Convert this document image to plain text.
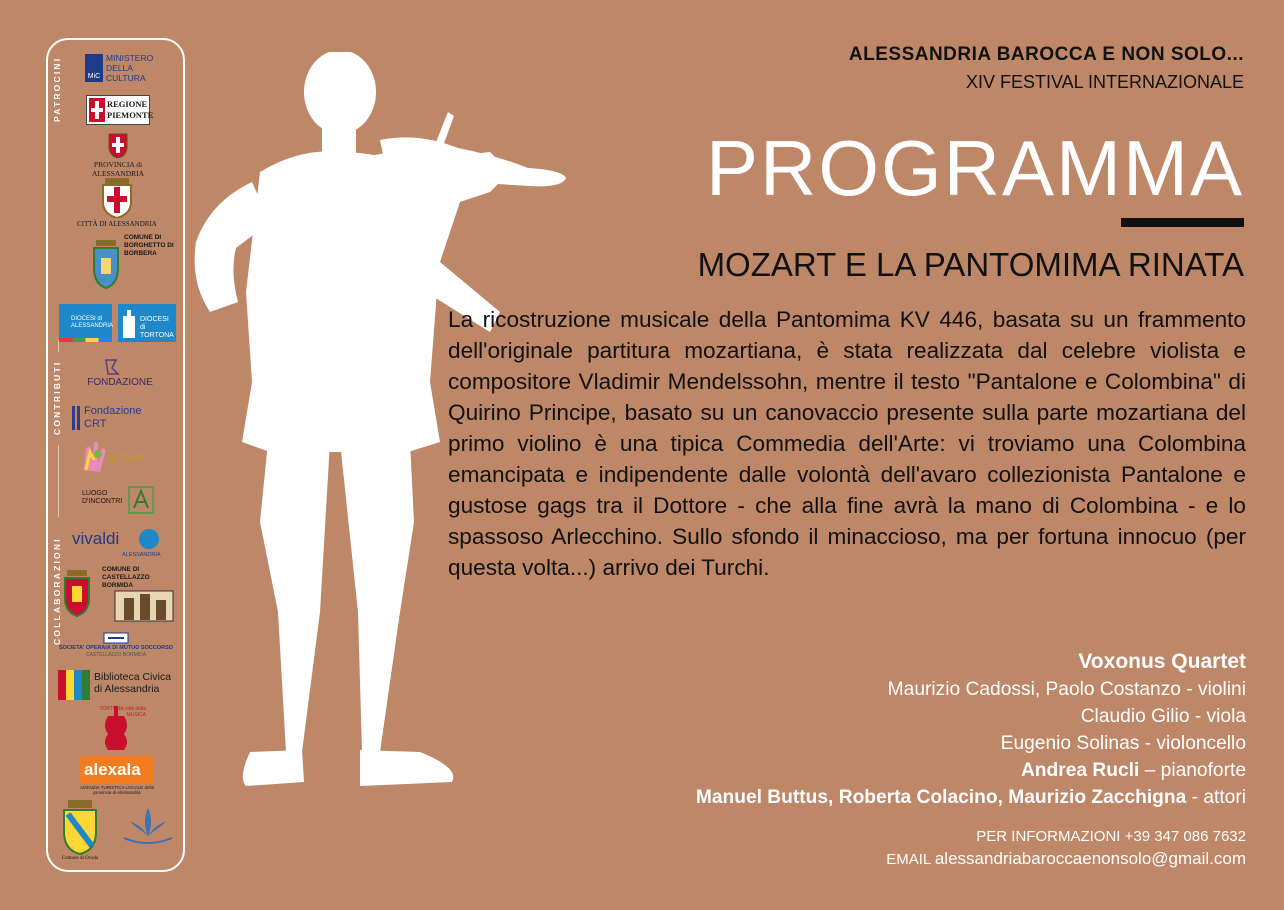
PATROCINI
CONTRIBUTI
COLLABORAZIONI
MiC
MINISTERO DELLA CULTURA
REGIONE PIEMONTE
PROVINCIA di ALESSANDRIA
CITTÀ DI ALESSANDRIA
COMUNE DI BORGHETTO DI BORBERA
DIOCESI di ALESSANDRIA
DIOCESI di TORTONA
FONDAZIONE
Fondazione CRT
ALTROPE
LUOGO D'INCONTRI
vivaldi
ALESSANDRIA
COMUNE DI CASTELLAZZO BORMIDA
SOCIETA' OPERAIA DI MUTUO SOCCORSO
CASTELLAZZO BORMIDA
Biblioteca Civica di Alessandria
TORTONA città della MUSICA
alexala
AGENZIA TURISTICA LOCALE della provincia di Alessandria
Comune di Ovada
ALESSANDRIA BAROCCA E NON SOLO...
XIV FESTIVAL INTERNAZIONALE
PROGRAMMA
MOZART E LA PANTOMIMA RINATA
La ricostruzione musicale della Pantomima KV 446, basata su un frammento dell'originale partitura mozartiana, è stata realizzata dal celebre violista e compositore Vladimir Mendelssohn, mentre il testo "Pantalone e Colombina" di Quirino Principe, basato su un canovaccio presente sulla parte mozartiana del primo violino è una tipica Commedia dell'Arte: vi troviamo una Colombina emancipata e indipendente dalle volontà dell'avaro collezionista Pantalone e gustose gags tra il Dottore - che alla fine avrà la mano di Colombina - e lo spassoso Arlecchino. Sullo sfondo il minaccioso, ma per fortuna innocuo (per questa volta...) arrivo dei Turchi.
Voxonus Quartet
Maurizio Cadossi, Paolo Costanzo - violini
Claudio Gilio - viola
Eugenio Solinas - violoncello
Andrea Rucli – pianoforte
Manuel Buttus, Roberta Colacino, Maurizio Zacchigna - attori
PER INFORMAZIONI +39 347 086 7632
EMAIL alessandriabaroccaenonsolo@gmail.com
